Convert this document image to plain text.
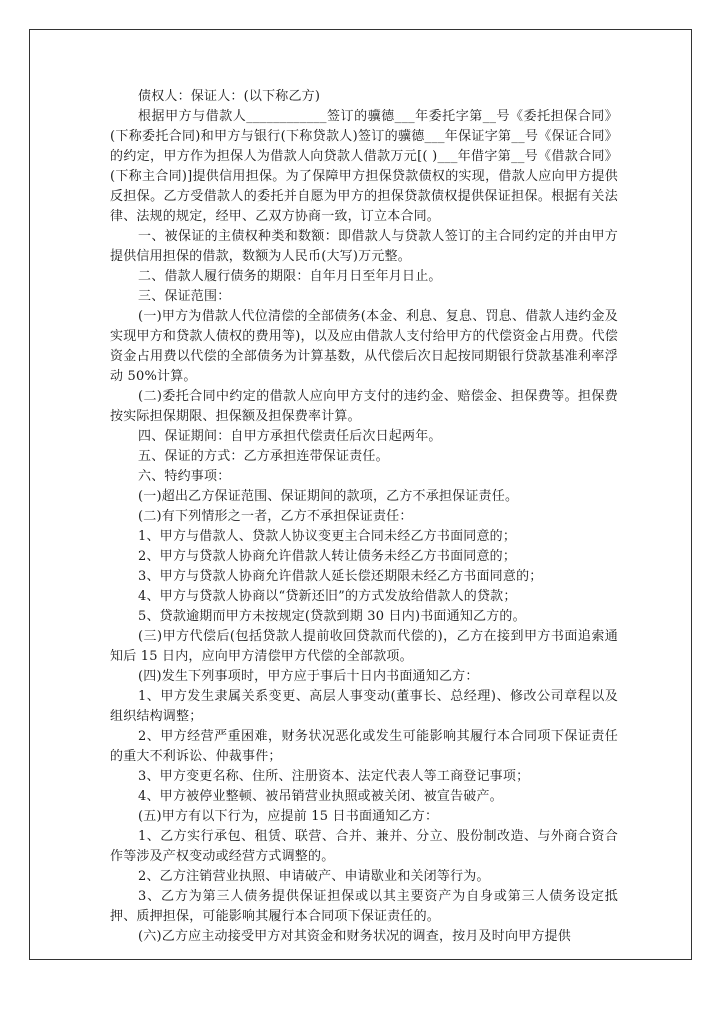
债权人：保证人：(以下称乙方)

根据甲方与借款人____________签订的骥德___年委托字第__号《委托担保合同》(下称委托合同)和甲方与银行(下称贷款人)签订的骥德___年保证字第__号《保证合同》的约定，甲方作为担保人为借款人向贷款人借款万元[( )___年借字第__号《借款合同》(下称主合同)]提供信用担保。为了保障甲方担保贷款债权的实现，借款人应向甲方提供反担保。乙方受借款人的委托并自愿为甲方的担保贷款债权提供保证担保。根据有关法律、法规的规定，经甲、乙双方协商一致，订立本合同。

一、被保证的主债权种类和数额：即借款人与贷款人签订的主合同约定的并由甲方提供信用担保的借款，数额为人民币(大写)万元整。

二、借款人履行债务的期限：自年月日至年月日止。

三、保证范围：

(一)甲方为借款人代位清偿的全部债务(本金、利息、复息、罚息、借款人违约金及实现甲方和贷款人债权的费用等)，以及应由借款人支付给甲方的代偿资金占用费。代偿资金占用费以代偿的全部债务为计算基数，从代偿后次日起按同期银行贷款基准利率浮动 50%计算。

(二)委托合同中约定的借款人应向甲方支付的违约金、赔偿金、担保费等。担保费按实际担保期限、担保额及担保费率计算。

四、保证期间：自甲方承担代偿责任后次日起两年。

五、保证的方式：乙方承担连带保证责任。

六、特约事项：

(一)超出乙方保证范围、保证期间的款项，乙方不承担保证责任。

(二)有下列情形之一者，乙方不承担保证责任：

1、甲方与借款人、贷款人协议变更主合同未经乙方书面同意的；

2、甲方与贷款人协商允许借款人转让债务未经乙方书面同意的；

3、甲方与贷款人协商允许借款人延长偿还期限未经乙方书面同意的；

4、甲方与贷款人协商以“贷新还旧”的方式发放给借款人的贷款；

5、贷款逾期而甲方未按规定(贷款到期 30 日内)书面通知乙方的。

(三)甲方代偿后(包括贷款人提前收回贷款而代偿的)，乙方在接到甲方书面追索通知后 15 日内，应向甲方清偿甲方代偿的全部款项。

(四)发生下列事项时，甲方应于事后十日内书面通知乙方：

1、甲方发生隶属关系变更、高层人事变动(董事长、总经理)、修改公司章程以及组织结构调整；

2、甲方经营严重困难，财务状况恶化或发生可能影响其履行本合同项下保证责任的重大不利诉讼、仲裁事件；

3、甲方变更名称、住所、注册资本、法定代表人等工商登记事项；

4、甲方被停业整顿、被吊销营业执照或被关闭、被宣告破产。

(五)甲方有以下行为，应提前 15 日书面通知乙方：

1、乙方实行承包、租赁、联营、合并、兼并、分立、股份制改造、与外商合资合作等涉及产权变动或经营方式调整的。

2、乙方注销营业执照、申请破产、申请歇业和关闭等行为。

3、乙方为第三人债务提供保证担保或以其主要资产为自身或第三人债务设定抵押、质押担保，可能影响其履行本合同项下保证责任的。

(六)乙方应主动接受甲方对其资金和财务状况的调查，按月及时向甲方提供
